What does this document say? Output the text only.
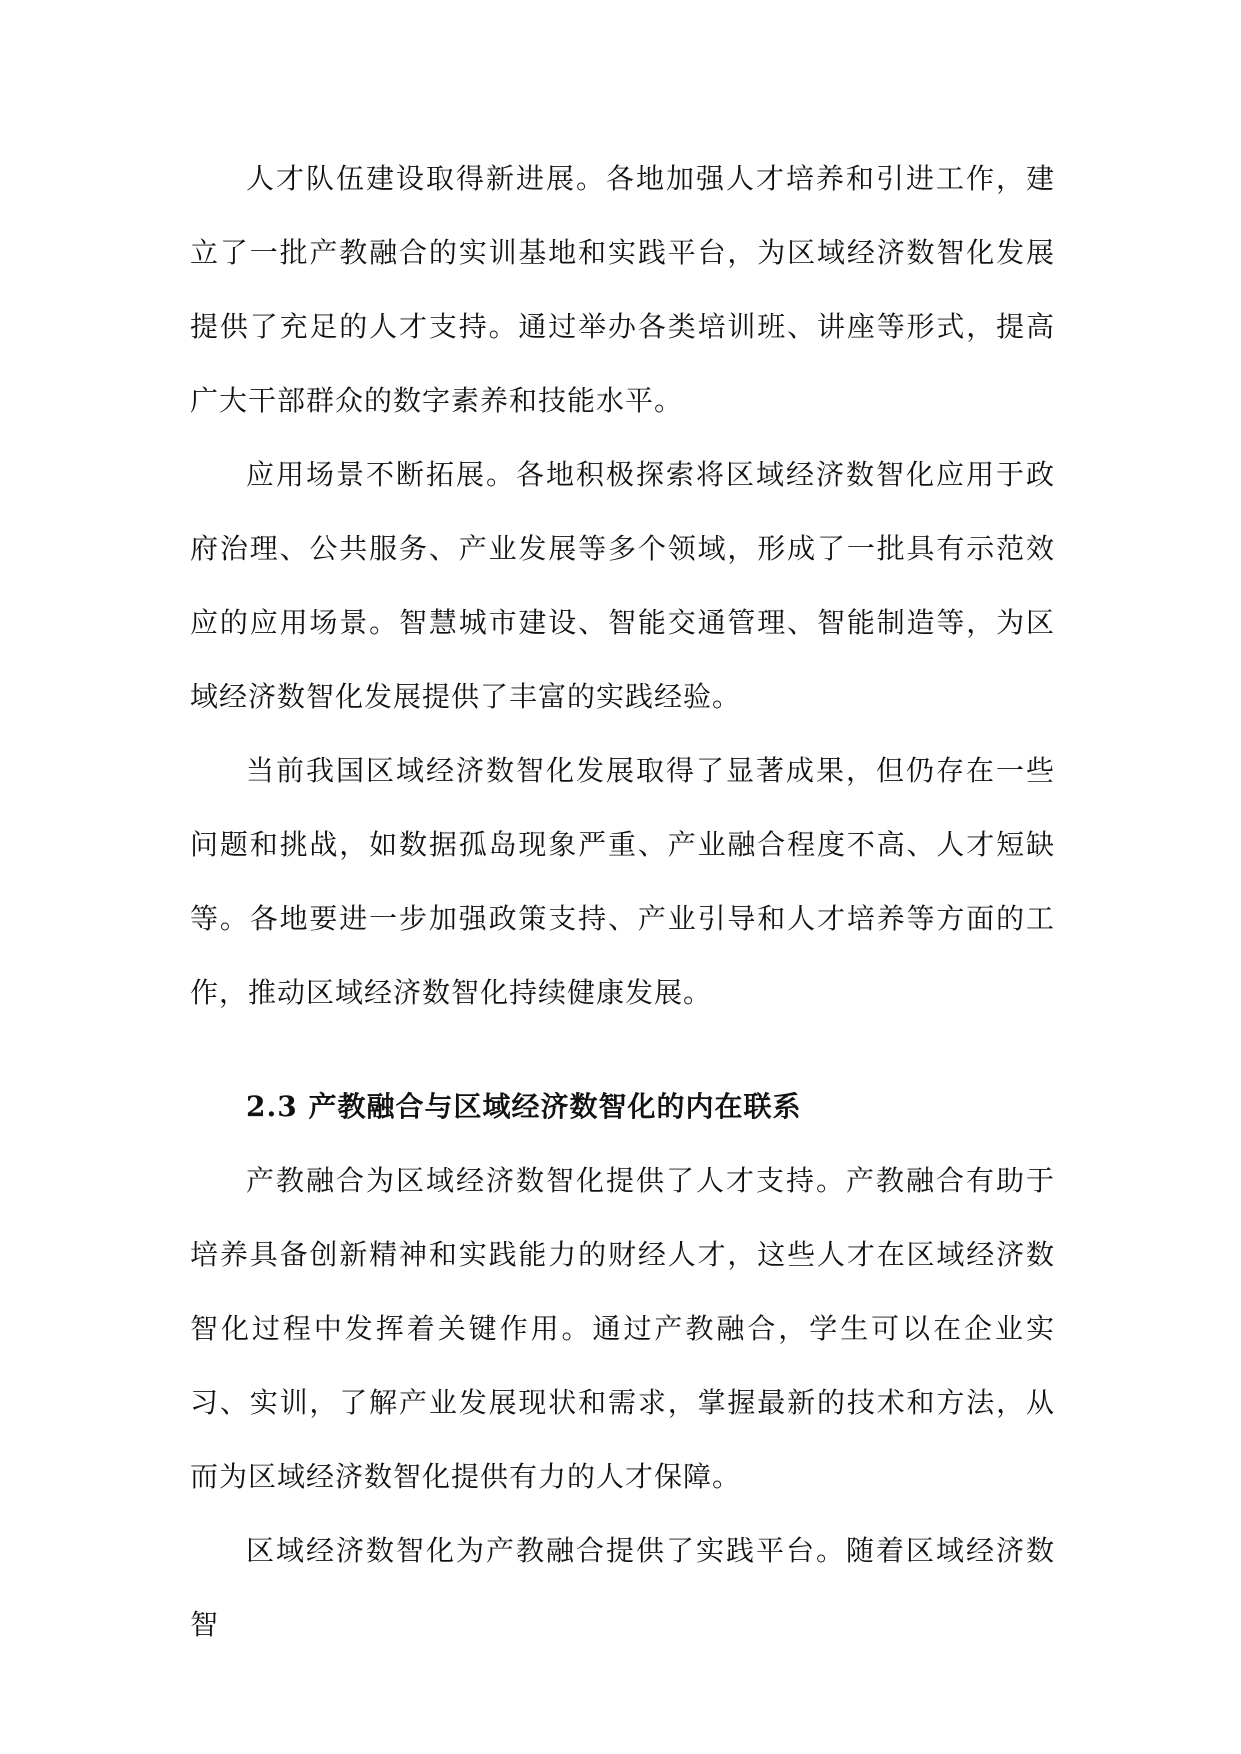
人才队伍建设取得新进展。各地加强人才培养和引进工作，建立了一批产教融合的实训基地和实践平台，为区域经济数智化发展提供了充足的人才支持。通过举办各类培训班、讲座等形式，提高广大干部群众的数字素养和技能水平。

应用场景不断拓展。各地积极探索将区域经济数智化应用于政府治理、公共服务、产业发展等多个领域，形成了一批具有示范效应的应用场景。智慧城市建设、智能交通管理、智能制造等，为区域经济数智化发展提供了丰富的实践经验。

当前我国区域经济数智化发展取得了显著成果，但仍存在一些问题和挑战，如数据孤岛现象严重、产业融合程度不高、人才短缺等。各地要进一步加强政策支持、产业引导和人才培养等方面的工作，推动区域经济数智化持续健康发展。

2.3 产教融合与区域经济数智化的内在联系

产教融合为区域经济数智化提供了人才支持。产教融合有助于培养具备创新精神和实践能力的财经人才，这些人才在区域经济数智化过程中发挥着关键作用。通过产教融合，学生可以在企业实习、实训，了解产业发展现状和需求，掌握最新的技术和方法，从而为区域经济数智化提供有力的人才保障。

区域经济数智化为产教融合提供了实践平台。随着区域经济数智
